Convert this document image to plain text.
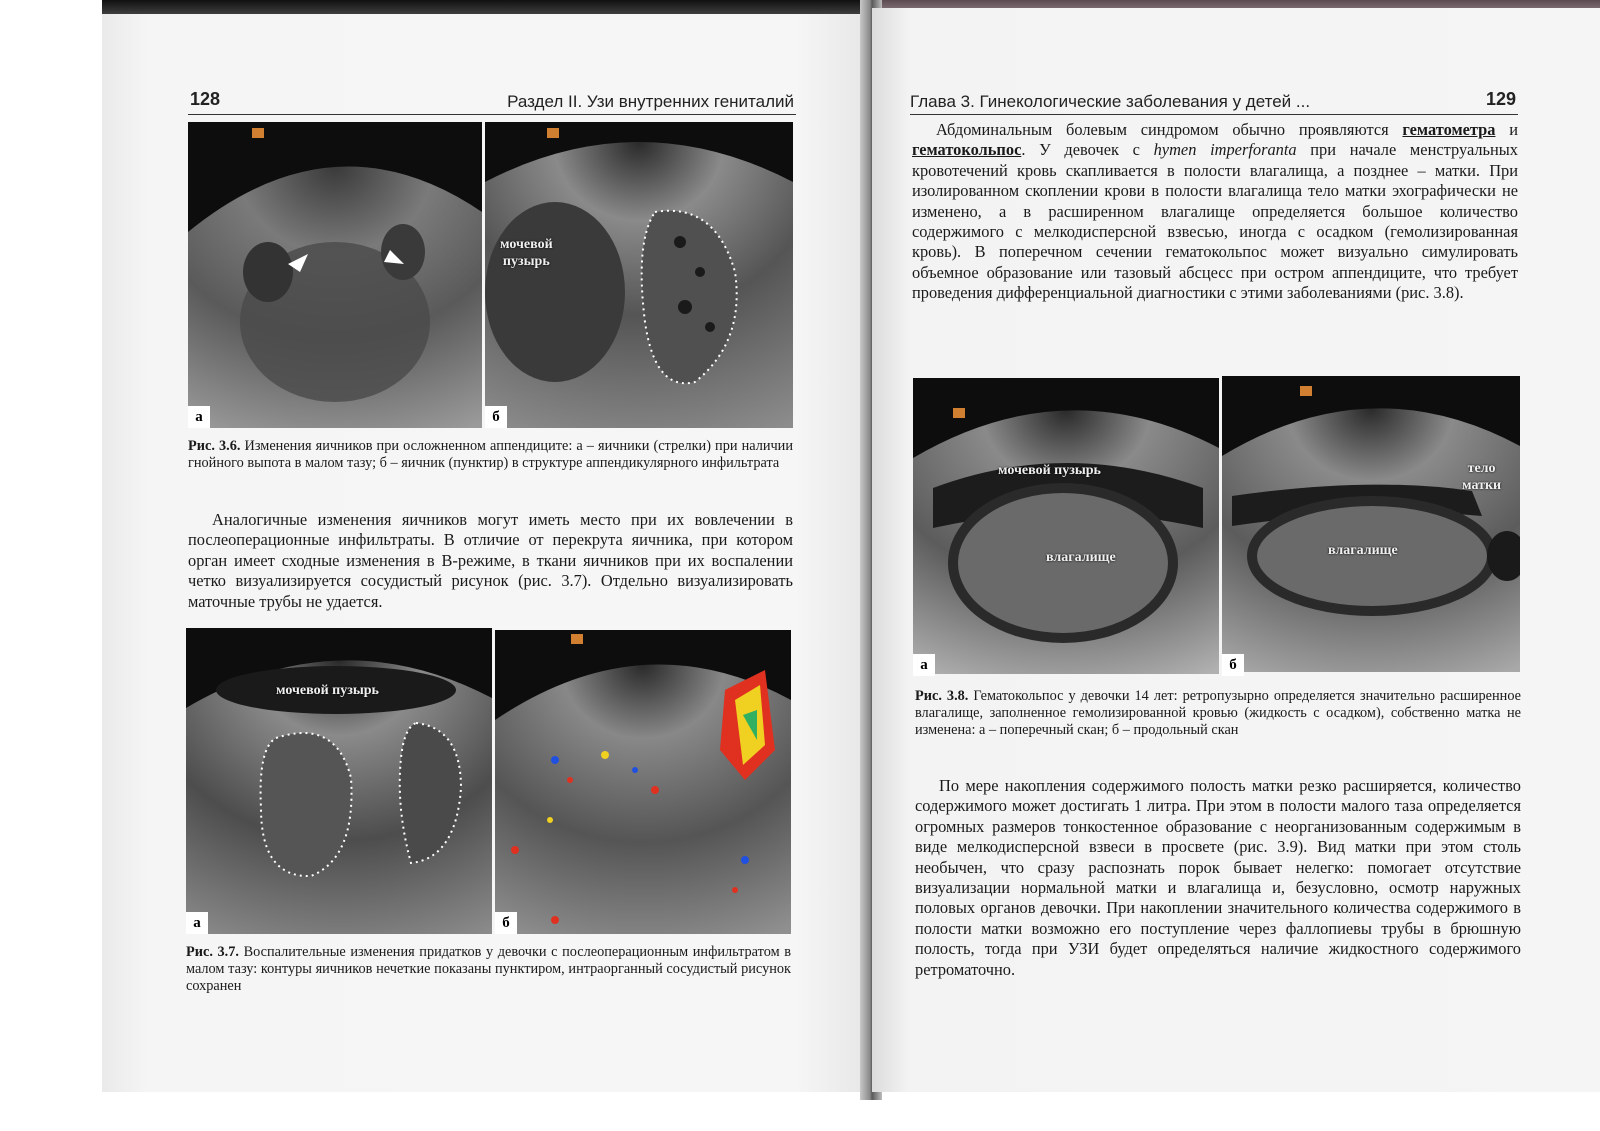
128	Раздел II. Узи внутренних гениталий
а
мочевой
пузырь
б
Рис. 3.6. Изменения яичников при осложненном аппендиците: а – яичники (стрелки) при наличии гнойного выпота в малом тазу; б – яичник (пунктир) в структуре аппендикулярного инфильтрата
Аналогичные изменения яичников могут иметь место при их вовлечении в послеоперационные инфильтраты. В отличие от перекрута яичника, при котором орган имеет сходные изменения в В-режиме, в ткани яичников при их воспалении четко визуализируется сосудистый рисунок (рис. 3.7). Отдельно визуализировать маточные трубы не удается.
мочевой пузырь
а	б
Рис. 3.7. Воспалительные изменения придатков у девочки с послеоперационным инфильтратом в малом тазу: контуры яичников нечеткие показаны пунктиром, интраорганный сосудистый рисунок сохранен
Глава 3. Гинекологические заболевания у детей ...	129
Абдоминальным болевым синдромом обычно проявляются гематометра и гематокольпос. У девочек с hymen imperforanta при начале менструальных кровотечений кровь скапливается в полости влагалища, а позднее – матки. При изолированном скоплении крови в полости влагалища тело матки эхографически не изменено, а в расширенном влагалище определяется большое количество содержимого с мелкодисперсной взвесью, иногда с осадком (гемолизированная кровь). В поперечном сечении гематокольпос может визуально симулировать объемное образование или тазовый абсцесс при остром аппендиците, что требует проведения дифференциальной диагностики с этими заболеваниями (рис. 3.8).
мочевой пузырь
влагалище
а
тело
матки
влагалище
б
Рис. 3.8. Гематокольпос у девочки 14 лет: ретропузырно определяется значительно расширенное влагалище, заполненное гемолизированной кровью (жидкость с осадком), собственно матка не изменена: а – поперечный скан; б – продольный скан
По мере накопления содержимого полость матки резко расширяется, количество содержимого может достигать 1 литра. При этом в полости малого таза определяется огромных размеров тонкостенное образование с неорганизованным содержимым в виде мелкодисперсной взвеси в просвете (рис. 3.9). Вид матки при этом столь необычен, что сразу распознать порок бывает нелегко: помогает отсутствие визуализации нормальной матки и влагалища и, безусловно, осмотр наружных половых органов девочки. При накоплении значительного количества содержимого в полости матки возможно его поступление через фаллопиевы трубы в брюшную полость, тогда при УЗИ будет определяться наличие жидкостного содержимого ретроматочно.
